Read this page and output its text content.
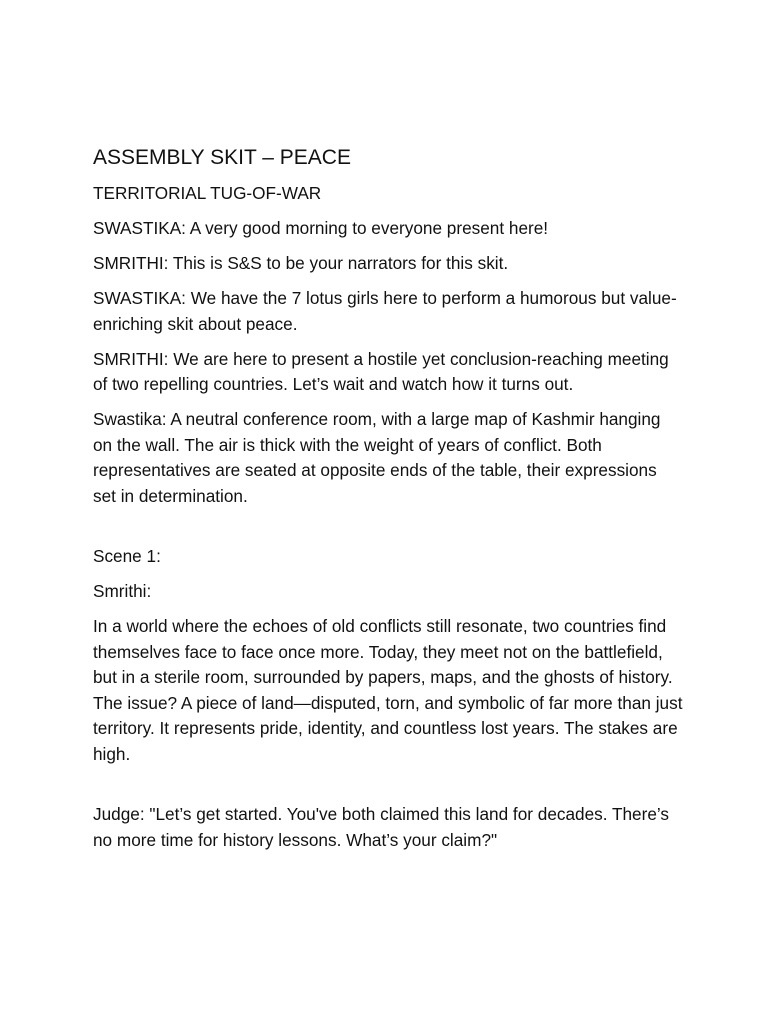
ASSEMBLY SKIT – PEACE

TERRITORIAL TUG-OF-WAR

SWASTIKA: A very good morning to everyone present here!

SMRITHI: This is S&S to be your narrators for this skit.

SWASTIKA: We have the 7 lotus girls here to perform a humorous but value-enriching skit about peace.

SMRITHI: We are here to present a hostile yet conclusion-reaching meeting of two repelling countries. Let’s wait and watch how it turns out.

Swastika: A neutral conference room, with a large map of Kashmir hanging on the wall. The air is thick with the weight of years of conflict. Both representatives are seated at opposite ends of the table, their expressions set in determination.

Scene 1:

Smrithi:

In a world where the echoes of old conflicts still resonate, two countries find themselves face to face once more. Today, they meet not on the battlefield, but in a sterile room, surrounded by papers, maps, and the ghosts of history. The issue? A piece of land—disputed, torn, and symbolic of far more than just territory. It represents pride, identity, and countless lost years. The stakes are high.

Judge: "Let’s get started. You've both claimed this land for decades. There’s no more time for history lessons. What’s your claim?"
